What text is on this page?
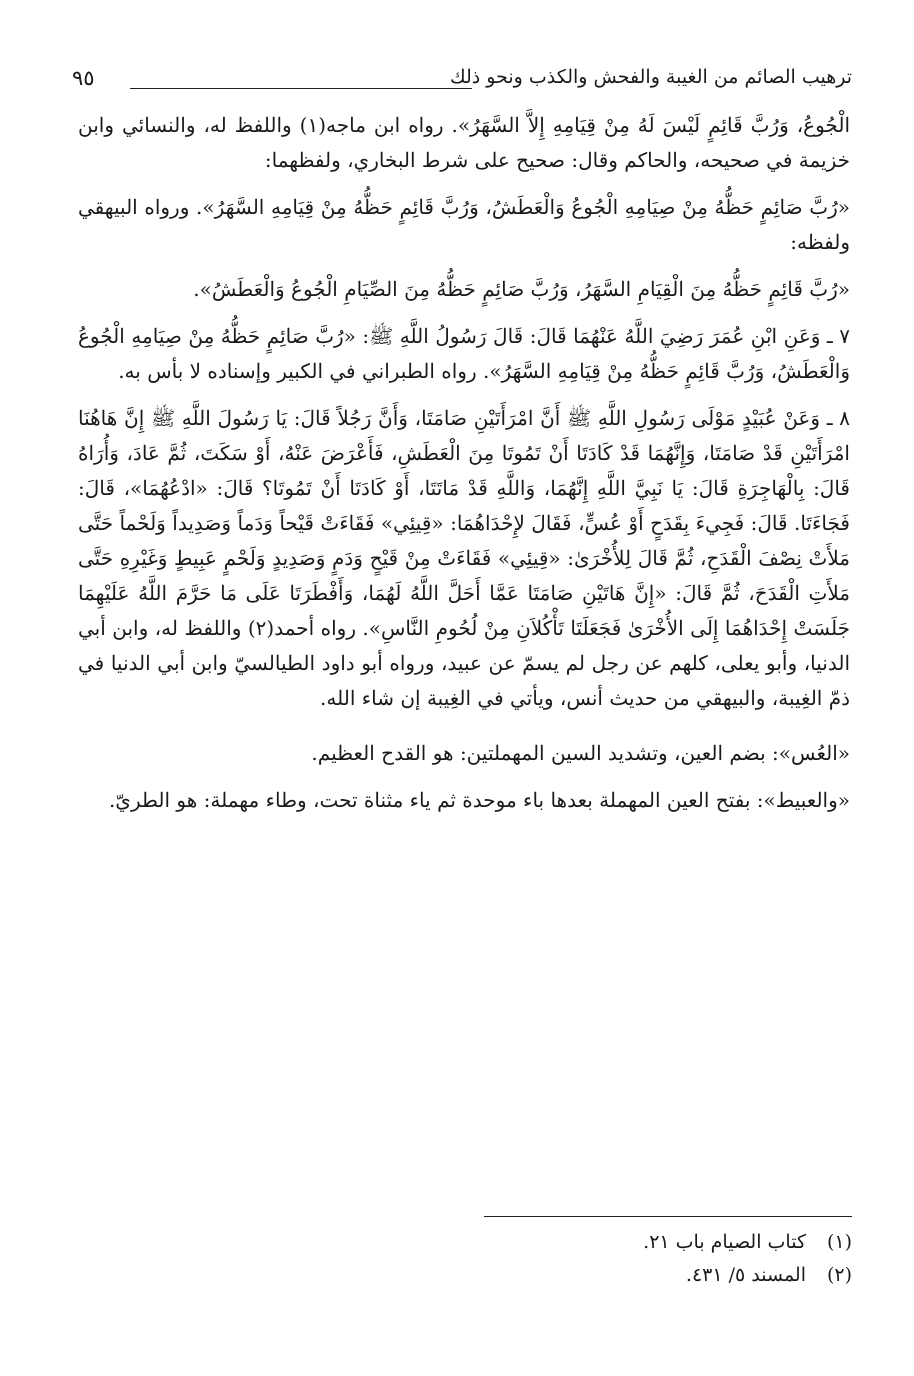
ترهيب الصائم من الغيبة والفحش والكذب ونحو ذلك
٩٥

الْجُوعُ، وَرُبَّ قَائِمٍ لَيْسَ لَهُ مِنْ قِيَامِهِ إِلاَّ السَّهَرُ». رواه ابن ماجه(١) واللفظ له، والنسائي وابن خزيمة في صحيحه، والحاكم وقال: صحيح على شرط البخاري، ولفظهما:

«رُبَّ صَائِمٍ حَظُّهُ مِنْ صِيَامِهِ الْجُوعُ وَالْعَطَشُ، وَرُبَّ قَائِمٍ حَظُّهُ مِنْ قِيَامِهِ السَّهَرُ». ورواه البيهقي ولفظه:

«رُبَّ قَائِمٍ حَظُّهُ مِنَ الْقِيَامِ السَّهَرُ، وَرُبَّ صَائِمٍ حَظُّهُ مِنَ الصِّيَامِ الْجُوعُ وَالْعَطَشُ».

٧ ـ وَعَنِ ابْنِ عُمَرَ رَضِيَ اللَّهُ عَنْهُمَا قَالَ: قَالَ رَسُولُ اللَّهِ ﷺ: «رُبَّ صَائِمٍ حَظُّهُ مِنْ صِيَامِهِ الْجُوعُ وَالْعَطَشُ، وَرُبَّ قَائِمٍ حَظُّهُ مِنْ قِيَامِهِ السَّهَرُ». رواه الطبراني في الكبير وإسناده لا بأس به.

٨ ـ وَعَنْ عُبَيْدٍ مَوْلَى رَسُولِ اللَّهِ ﷺ أَنَّ امْرَأَتَيْنِ صَامَتَا، وَأَنَّ رَجُلاً قَالَ: يَا رَسُولَ اللَّهِ ﷺ إِنَّ هَاهُنَا امْرَأَتَيْنِ قَدْ صَامَتَا، وَإِنَّهُمَا قَدْ كَادَتَا أَنْ تَمُوتَا مِنَ الْعَطَشِ، فَأَعْرَضَ عَنْهُ، أَوْ سَكَتَ، ثُمَّ عَادَ، وَأُرَاهُ قَالَ: بِالْهَاجِرَةِ قَالَ: يَا نَبِيَّ اللَّهِ إِنَّهُمَا، وَاللَّهِ قَدْ مَاتَتَا، أَوْ كَادَتَا أَنْ تَمُوتَا؟ قَالَ: «ادْعُهُمَا»، قَالَ: فَجَاءَتَا. قَالَ: فَجِيءَ بِقَدَحٍ أَوْ عُسٍّ، فَقَالَ لإِحْدَاهُمَا: «قِيئِي» فَقَاءَتْ قَيْحاً وَدَماً وَصَدِيداً وَلَحْماً حَتَّى مَلأَتْ نِصْفَ الْقَدَحِ، ثُمَّ قَالَ لِلأُخْرَىٰ: «قِيئِي» فَقَاءَتْ مِنْ قَيْحٍ وَدَمٍ وَصَدِيدٍ وَلَحْمٍ عَبِيطٍ وَغَيْرِهِ حَتَّى مَلأَتِ الْقَدَحَ، ثُمَّ قَالَ: «إِنَّ هَاتَيْنِ صَامَتَا عَمَّا أَحَلَّ اللَّهُ لَهُمَا، وَأَفْطَرَتَا عَلَى مَا حَرَّمَ اللَّهُ عَلَيْهِمَا جَلَسَتْ إِحْدَاهُمَا إِلَى الأُخْرَىٰ فَجَعَلَتَا تَأْكُلاَنِ مِنْ لُحُومِ النَّاسِ». رواه أحمد(٢) واللفظ له، وابن أبي الدنيا، وأبو يعلى، كلهم عن رجل لم يسمّ عن عبيد، ورواه أبو داود الطيالسيّ وابن أبي الدنيا في ذمّ الغِيبة، والبيهقي من حديث أنس، ويأتي في الغِيبة إن شاء الله.

«العُس»: بضم العين، وتشديد السين المهملتين: هو القدح العظيم.

«والعبيط»: بفتح العين المهملة بعدها باء موحدة ثم ياء مثناة تحت، وطاء مهملة: هو الطريّ.

(١)كتاب الصيام باب ٢١.
(٢)المسند ٥/ ٤٣١.
